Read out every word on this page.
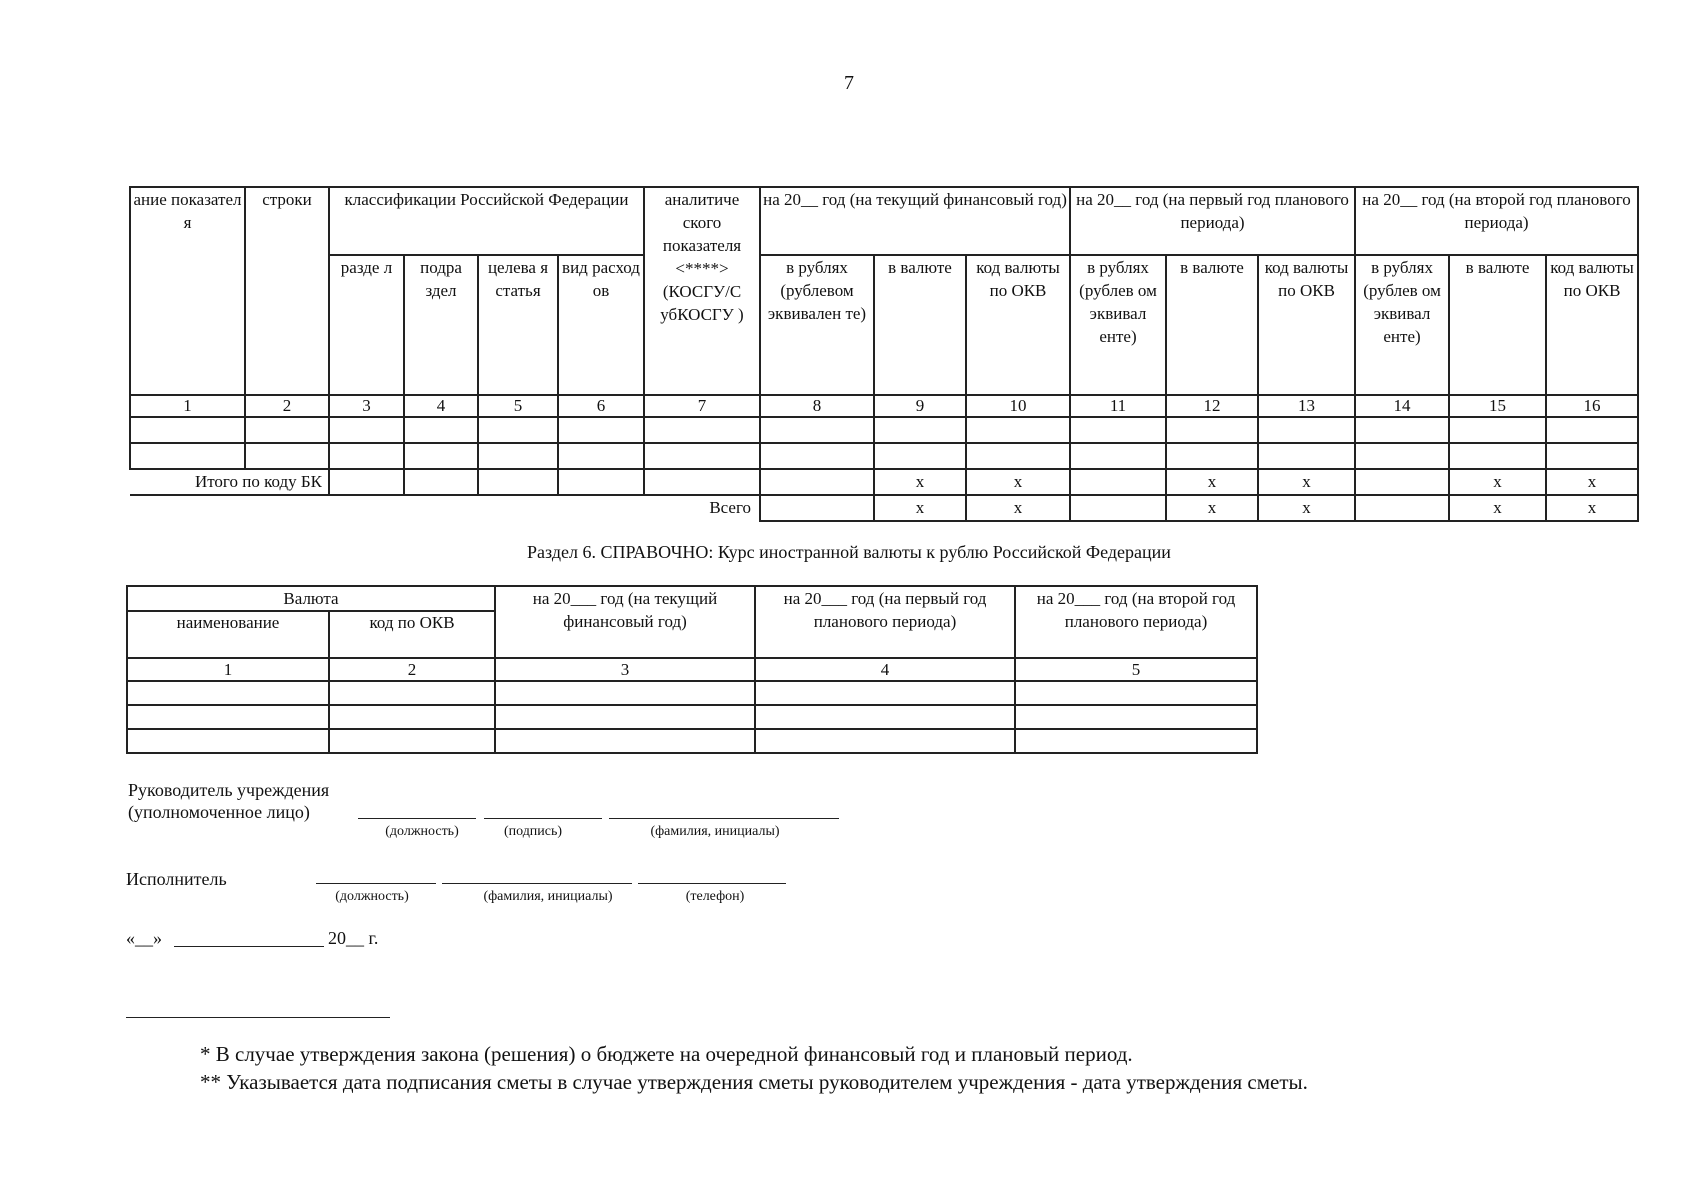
7
ание показател я	строки	классификации Российской Федерации				аналитиче ского показателя <****> (КОСГУ/С убКОСГУ )	на 20__ год (на текущий финансовый год)			на 20__ год (на первый год планового периода)			на 20__ год (на второй год планового периода)		
		разде л	подра здел	целева я статья	вид расход ов		в рублях (рублевом эквивален те)	в валюте	код валюты по ОКВ	в рублях (рублев ом эквивал енте)	в валюте	код валюты по ОКВ	в рублях (рублев ом эквивал енте)	в валюте	код валюты по ОКВ
1	2	3	4	5	6	7	8	9	10	11	12	13	14	15	16

Итого по коду БК								x	x		x	x		x	x
Всего								x	x		x	x		x	x
Раздел 6. СПРАВОЧНО: Курс иностранной валюты к рублю Российской Федерации
Валюта		на 20___ год (на текущий финансовый год)	на 20___ год (на первый год планового периода)	на 20___ год (на второй год планового периода)
наименование	код по ОКВ			
1	2	3	4	5

Руководитель учреждения
(уполномоченное лицо)
(должность)	(подпись)	(фамилия, инициалы)
Исполнитель
(должность)	(фамилия, инициалы)	(телефон)
«__»	20__ г.
* В случае утверждения закона (решения) о бюджете на очередной финансовый год и плановый период.
** Указывается дата подписания сметы в случае утверждения сметы руководителем учреждения - дата утверждения сметы.
